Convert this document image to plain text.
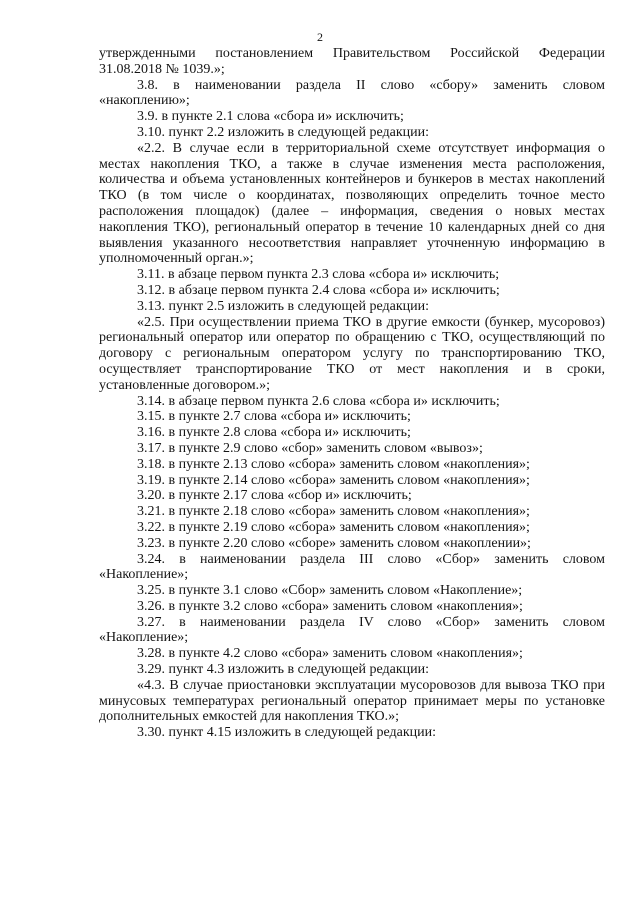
2

утвержденными постановлением Правительством Российской Федерации 31.08.2018 № 1039.»;

3.8. в наименовании раздела II слово «сбору» заменить словом «накоплению»;

3.9. в пункте 2.1 слова «сбора и» исключить;

3.10. пункт 2.2 изложить в следующей редакции:

«2.2. В случае если в территориальной схеме отсутствует информация о местах накопления ТКО, а также в случае изменения места расположения, количества и объема установленных контейнеров и бункеров в местах накоплений ТКО (в том числе о координатах, позволяющих определить точное место расположения площадок) (далее – информация, сведения о новых местах накопления ТКО), региональный оператор в течение 10 календарных дней со дня выявления указанного несоответствия направляет уточненную информацию в уполномоченный орган.»;

3.11. в абзаце первом пункта 2.3 слова «сбора и» исключить;

3.12. в абзаце первом пункта 2.4 слова «сбора и» исключить;

3.13. пункт 2.5 изложить в следующей редакции:

«2.5. При осуществлении приема ТКО в другие емкости (бункер, мусоровоз) региональный оператор или оператор по обращению с ТКО, осуществляющий по договору с региональным оператором услугу по транспортированию ТКО, осуществляет транспортирование ТКО от мест накопления и в сроки, установленные договором.»;

3.14. в абзаце первом пункта 2.6 слова «сбора и» исключить;

3.15. в пункте 2.7 слова «сбора и» исключить;

3.16. в пункте 2.8 слова «сбора и» исключить;

3.17. в пункте 2.9 слово «сбор» заменить словом «вывоз»;

3.18. в пункте 2.13 слово «сбора» заменить словом «накопления»;

3.19. в пункте 2.14 слово «сбора» заменить словом «накопления»;

3.20. в пункте 2.17 слова «сбор и» исключить;

3.21. в пункте 2.18 слово «сбора» заменить словом «накопления»;

3.22. в пункте 2.19 слово «сбора» заменить словом «накопления»;

3.23. в пункте 2.20 слово «сборе» заменить словом «накоплении»;

3.24. в наименовании раздела III слово «Сбор» заменить словом «Накопление»;

3.25. в пункте 3.1 слово «Сбор» заменить словом «Накопление»;

3.26. в пункте 3.2 слово «сбора» заменить словом «накопления»;

3.27. в наименовании раздела IV слово «Сбор» заменить словом «Накопление»;

3.28. в пункте 4.2 слово «сбора» заменить словом «накопления»;

3.29. пункт 4.3 изложить в следующей редакции:

«4.3. В случае приостановки эксплуатации мусоровозов для вывоза ТКО при минусовых температурах региональный оператор принимает меры по установке дополнительных емкостей для накопления ТКО.»;

3.30. пункт 4.15 изложить в следующей редакции:
